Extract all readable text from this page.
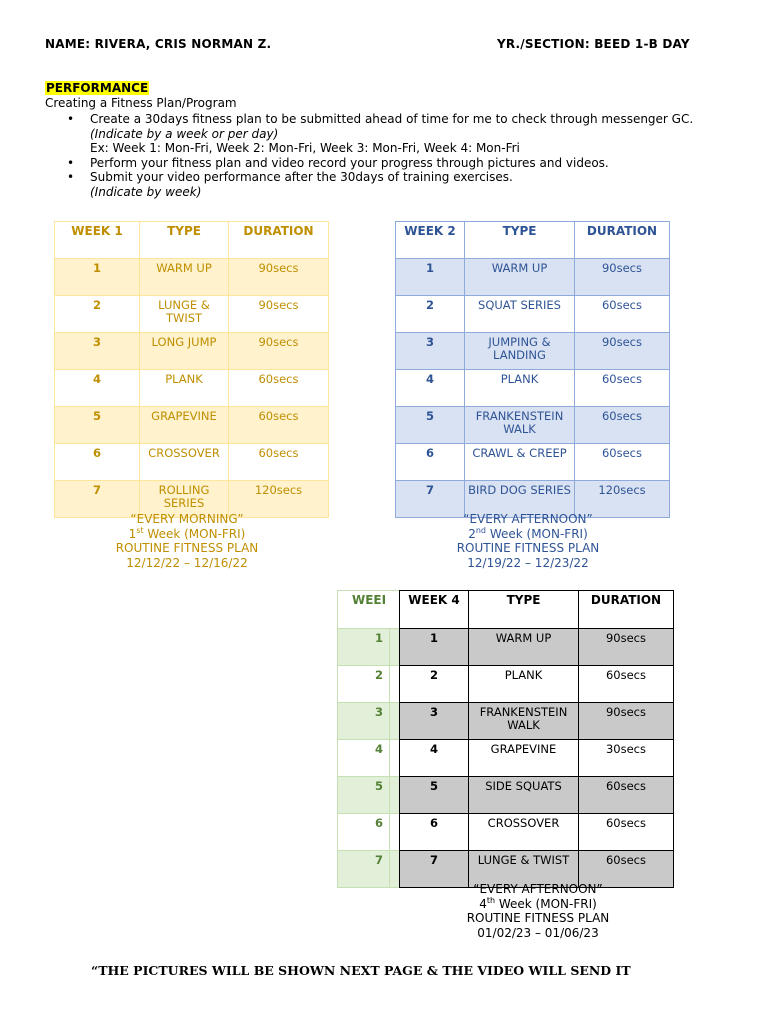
NAME: RIVERA, CRIS NORMAN Z.	YR./SECTION: BEED 1-B DAY
PERFORMANCE
Creating a Fitness Plan/Program
• Create a 30days fitness plan to be submitted ahead of time for me to check through messenger GC.
(Indicate by a week or per day)
Ex: Week 1: Mon-Fri, Week 2: Mon-Fri, Week 3: Mon-Fri, Week 4: Mon-Fri
• Perform your fitness plan and video record your progress through pictures and videos.
• Submit your video performance after the 30days of training exercises.
(Indicate by week)
WEEK 1	TYPE	DURATION
1	WARM UP	90secs
2	LUNGE & TWIST	90secs
3	LONG JUMP	90secs
4	PLANK	60secs
5	GRAPEVINE	60secs
6	CROSSOVER	60secs
7	ROLLING SERIES	120secs
“EVERY MORNING”
1st Week (MON-FRI)
ROUTINE FITNESS PLAN
12/12/22 – 12/16/22
WEEK 2	TYPE	DURATION
1	WARM UP	90secs
2	SQUAT SERIES	60secs
3	JUMPING & LANDING	90secs
4	PLANK	60secs
5	FRANKENSTEIN WALK	60secs
6	CRAWL & CREEP	60secs
7	BIRD DOG SERIES	120secs
“EVERY AFTERNOON”
2nd Week (MON-FRI)
ROUTINE FITNESS PLAN
12/19/22 – 12/23/22
WEEI	
1	
2	
3	
4	
5	
6	
7	
WEEK 4	TYPE	DURATION
1	WARM UP	90secs
2	PLANK	60secs
3	FRANKENSTEIN WALK	90secs
4	GRAPEVINE	30secs
5	SIDE SQUATS	60secs
6	CROSSOVER	60secs
7	LUNGE & TWIST	60secs
“EVERY AFTERNOON”
4th Week (MON-FRI)
ROUTINE FITNESS PLAN
01/02/23 – 01/06/23
“THE PICTURES WILL BE SHOWN NEXT PAGE & THE VIDEO WILL SEND IT
